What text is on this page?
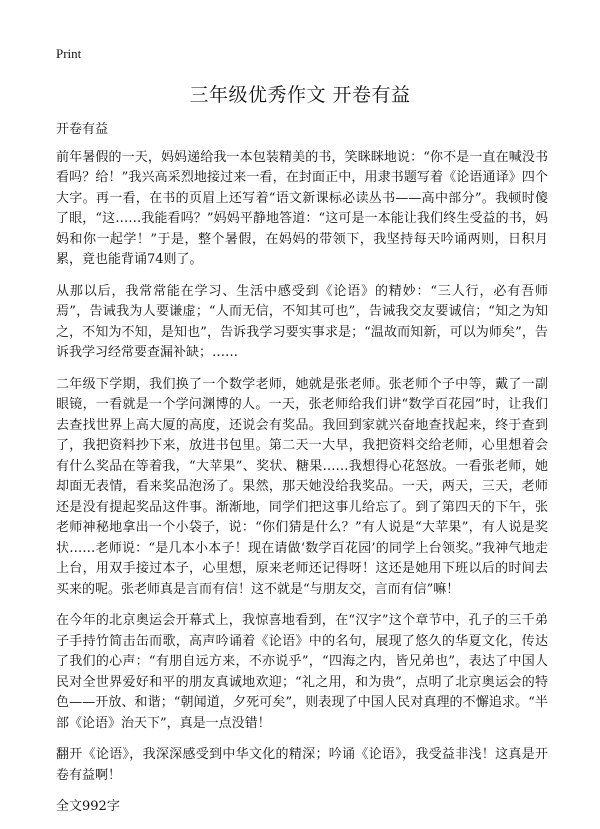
Print
三年级优秀作文 开卷有益

开卷有益

前年暑假的一天，妈妈递给我一本包装精美的书，笑眯眯地说：“你不是一直在喊没书看吗？给！”我兴高采烈地接过来一看，在封面正中，用隶书题写着《论语通译》四个大字。再一看，在书的页眉上还写着“语文新课标必读丛书——高中部分”。我顿时傻了眼，“这……我能看吗？”妈妈平静地答道：“这可是一本能让我们终生受益的书，妈妈和你一起学！”于是，整个暑假，在妈妈的带领下，我坚持每天吟诵两则，日积月累，竟也能背诵74则了。

从那以后，我常常能在学习、生活中感受到《论语》的精妙：“三人行，必有吾师焉”，告诫我为人要谦虚；“人而无信，不知其可也”，告诫我交友要诚信；“知之为知之，不知为不知，是知也”，告诉我学习要实事求是；“温故而知新，可以为师矣”，告诉我学习经常要查漏补缺；……

二年级下学期，我们换了一个数学老师，她就是张老师。张老师个子中等，戴了一副眼镜，一看就是一个学问渊博的人。一天，张老师给我们讲“数学百花园”时，让我们去查找世界上高大厦的高度，还说会有奖品。我回到家就兴奋地查找起来，终于查到了，我把资料抄下来，放进书包里。第二天一大早，我把资料交给老师，心里想着会有什么奖品在等着我，“大苹果”、奖状、糖果……我想得心花怒放。一看张老师，她却面无表情，看来奖品泡汤了。果然，那天她没给我奖品。一天，两天，三天，老师还是没有提起奖品这件事。渐渐地，同学们把这事儿给忘了。到了第四天的下午，张老师神秘地拿出一个小袋子，说：“你们猜是什么？”有人说是“大苹果”，有人说是奖状……老师说：“是几本小本子！现在请做‘数学百花园’的同学上台领奖。”我神气地走上台，用双手接过本子，心里想，原来老师还记得呀！这还是她用下班以后的时间去买来的呢。张老师真是言而有信！这不就是“与朋友交，言而有信”嘛！

在今年的北京奥运会开幕式上，我惊喜地看到，在“汉字”这个章节中，孔子的三千弟子手持竹简击缶而歌，高声吟诵着《论语》中的名句，展现了悠久的华夏文化，传达了我们的心声：“有朋自远方来，不亦说乎”，“四海之内，皆兄弟也”，表达了中国人民对全世界爱好和平的朋友真诚地欢迎；“礼之用，和为贵”，点明了北京奥运会的特色——开放、和谐；“朝闻道，夕死可矣”，则表现了中国人民对真理的不懈追求。“半部《论语》治天下”，真是一点没错！

翻开《论语》，我深深感受到中华文化的精深；吟诵《论语》，我受益非浅！这真是开卷有益啊！

全文992字
